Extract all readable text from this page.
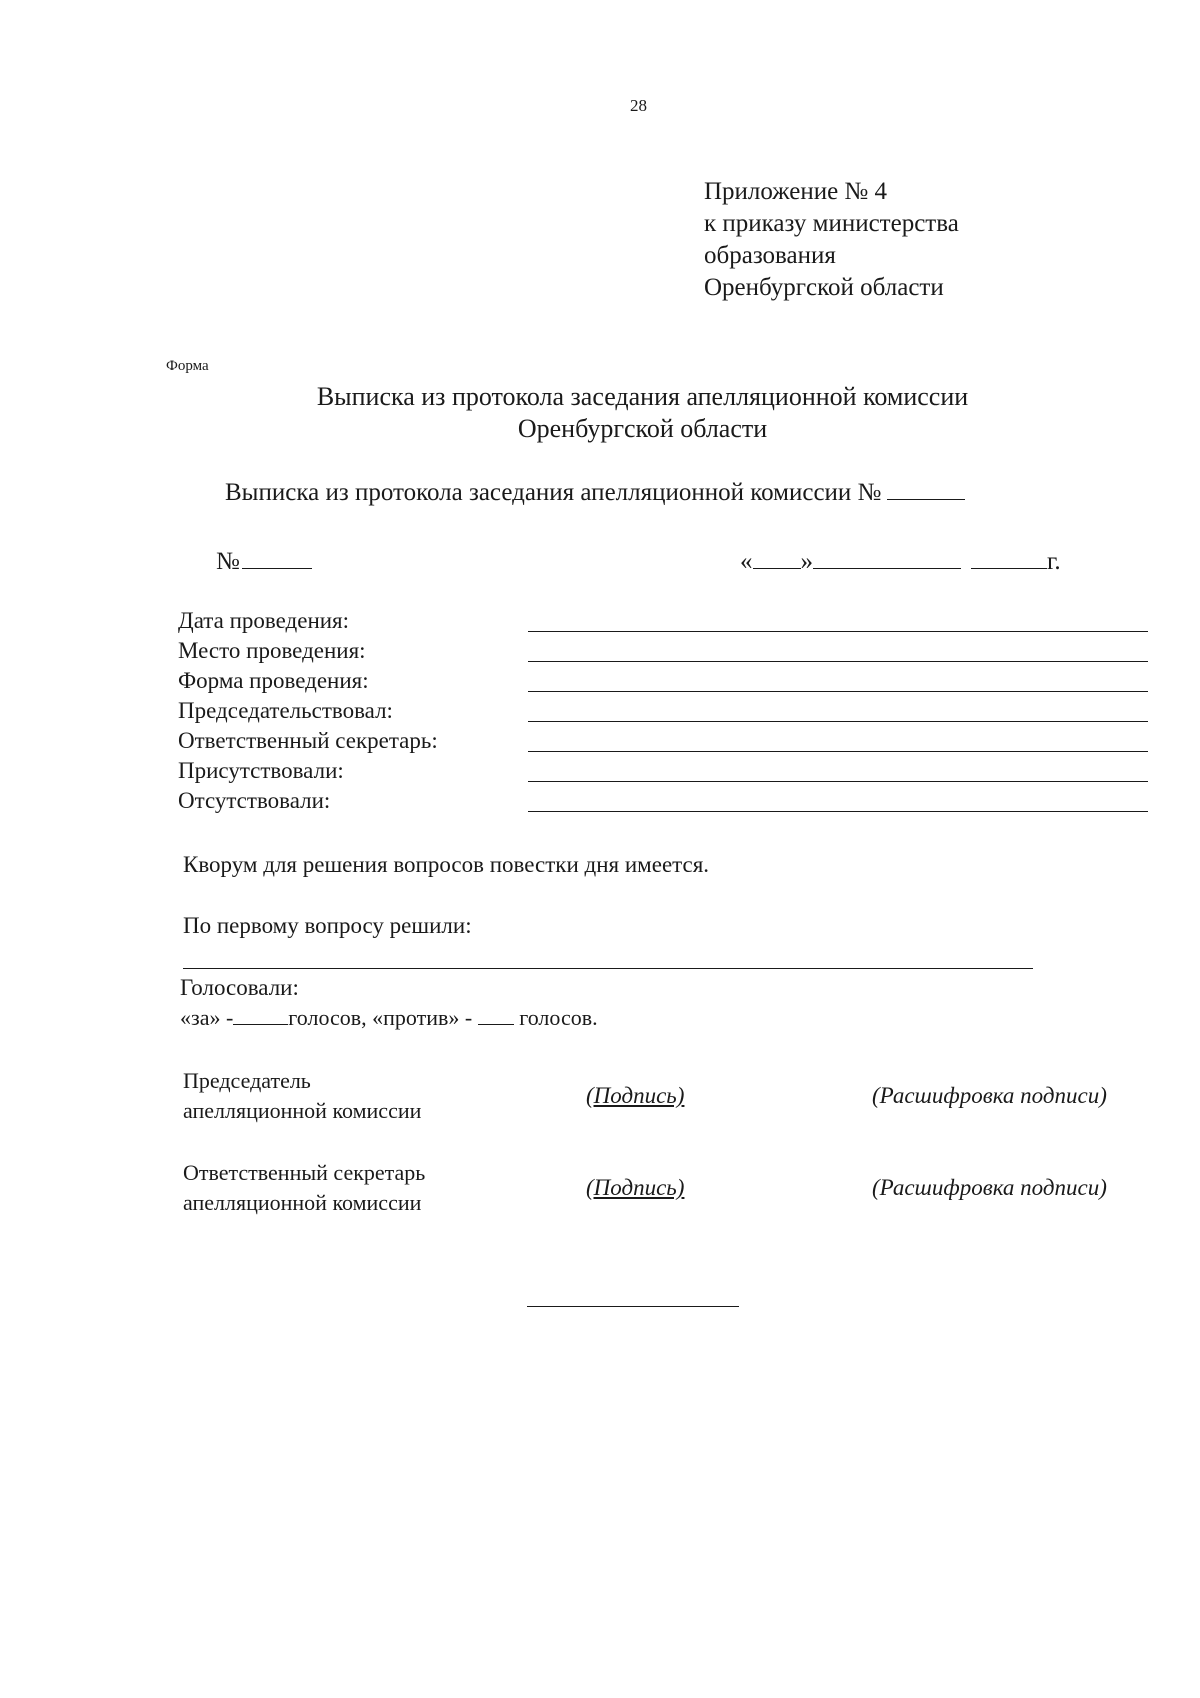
28
Приложение № 4
к приказу министерства
образования
Оренбургской области
Форма
Выписка из протокола заседания апелляционной комиссии
Оренбургской области
Выписка из протокола заседания апелляционной комиссии №
№	« »	г.
Дата проведения:
Место проведения:
Форма проведения:
Председательствовал:
Ответственный секретарь:
Присутствовали:
Отсутствовали:
Кворум для решения вопросов повестки дня имеется.
По первому вопросу решили:
Голосовали:
«за» -	голосов, «против» - голосов.
Председатель
апелляционной комиссии
(Подпись)	(Расшифровка подписи)
Ответственный секретарь
апелляционной комиссии
(Подпись)	(Расшифровка подписи)
